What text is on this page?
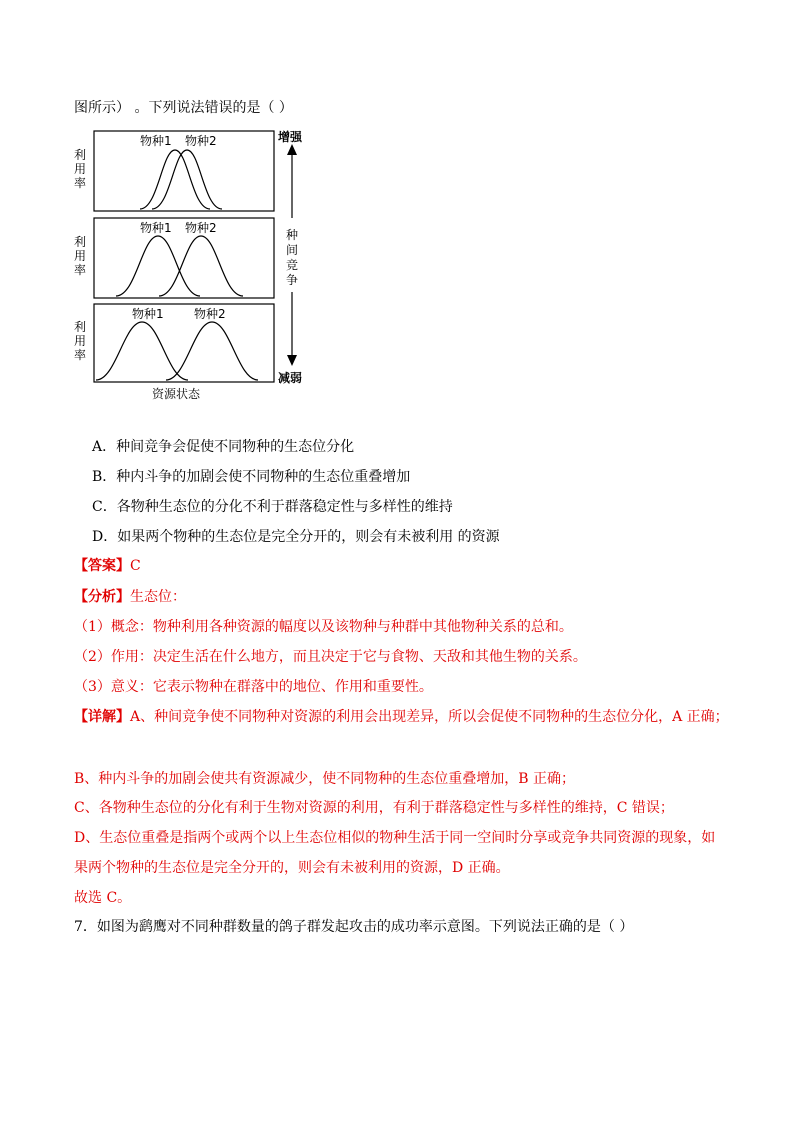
图所示） 。下列说法错误的是（ ）
利
用
率
利
用
率
利
用
率
物种1 物种2
物种1 物种2
物种1	物种2
资源状态
增强
种
间
竞
争
减弱
A．种间竞争会促使不同物种的生态位分化
B．种内斗争的加剧会使不同物种的生态位重叠增加
C．各物种生态位的分化不利于群落稳定性与多样性的维持
D．如果两个物种的生态位是完全分开的，则会有未被利用 的资源
【答案】C
【分析】生态位：
（1）概念：物种利用各种资源的幅度以及该物种与种群中其他物种关系的总和。
（2）作用：决定生活在什么地方，而且决定于它与食物、天敌和其他生物的关系。
（3）意义：它表示物种在群落中的地位、作用和重要性。
【详解】A、种间竞争使不同物种对资源的利用会出现差异，所以会促使不同物种的生态位分化，A 正确；
B、种内斗争的加剧会使共有资源减少，使不同物种的生态位重叠增加，B 正确；
C、各物种生态位的分化有利于生物对资源的利用，有利于群落稳定性与多样性的维持，C 错误；
D、生态位重叠是指两个或两个以上生态位相似的物种生活于同一空间时分享或竞争共同资源的现象，如
果两个物种的生态位是完全分开的，则会有未被利用的资源，D 正确。
故选 C。
7．如图为鹞鹰对不同种群数量的鸽子群发起攻击的成功率示意图。下列说法正确的是（ ）
